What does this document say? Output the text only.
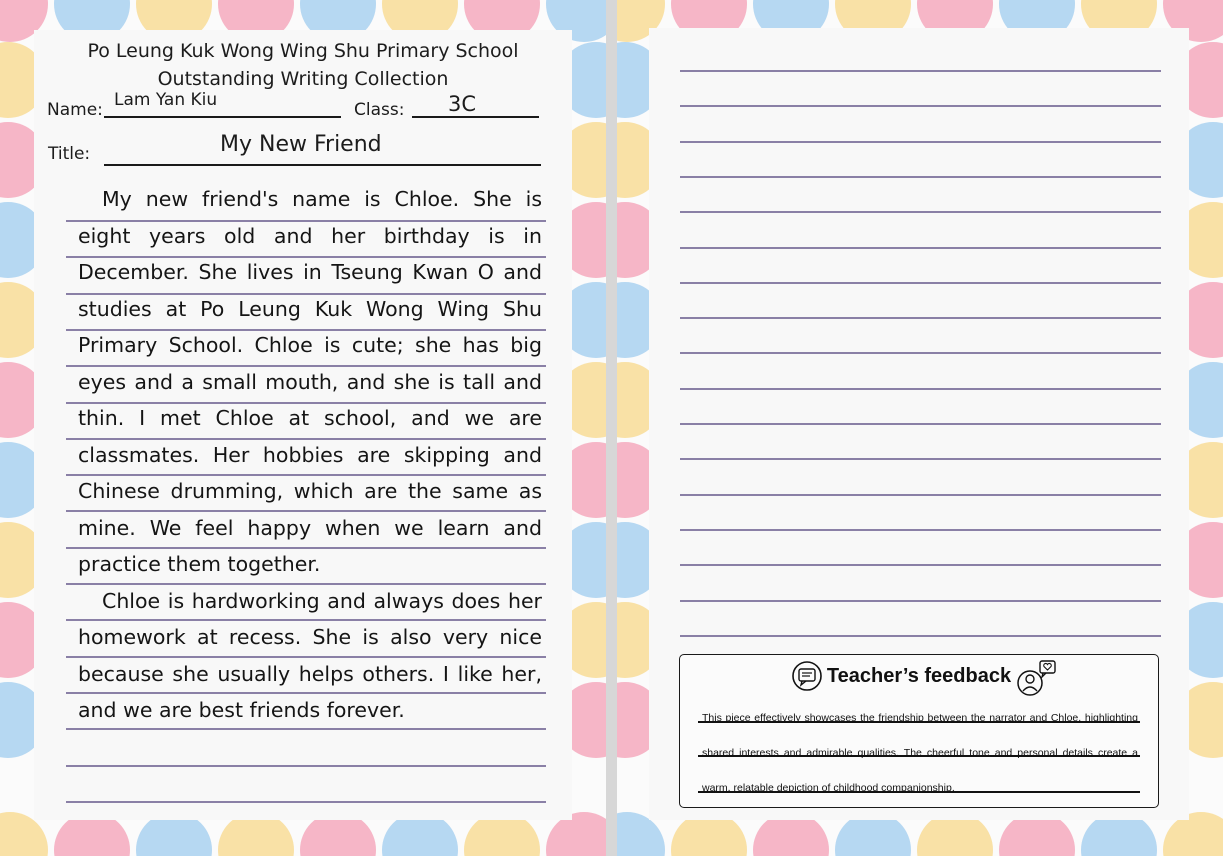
Po Leung Kuk Wong Wing Shu Primary School
Outstanding Writing Collection
Name: Lam Yan Kiu	Class: 3C
Title:	My New Friend

My new friend's name is Chloe. She is eight years old and her birthday is in December. She lives in Tseung Kwan O and studies at Po Leung Kuk Wong Wing Shu Primary School. Chloe is cute; she has big eyes and a small mouth, and she is tall and thin. I met Chloe at school, and we are classmates. Her hobbies are skipping and Chinese drumming, which are the same as mine. We feel happy when we learn and practice them together.

Chloe is hardworking and always does her homework at recess. She is also very nice because she usually helps others. I like her, and we are best friends forever.

Teacher’s feedback
This piece effectively showcases the friendship between the narrator and Chloe, highlighting shared interests and admirable qualities. The cheerful tone and personal details create a warm, relatable depiction of childhood companionship.
